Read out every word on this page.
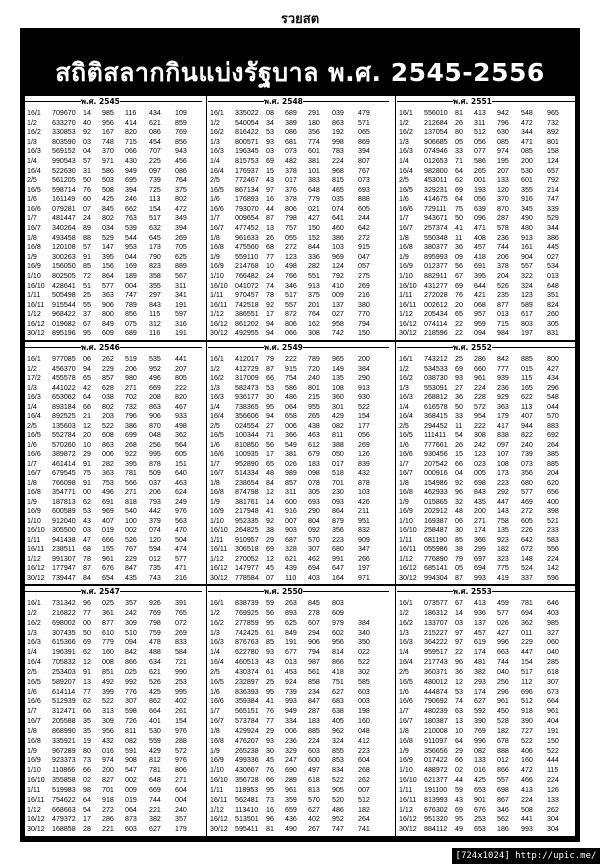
รวยสต
สถิติสลากกินแบ่งรัฐบาล พ.ศ. 2545-2556
พ.ศ. 2545
16/1 709670 14 985 116 434 109
1/2 633270 40 956 414 621 859
16/2 330853 92 167 820 086 769
1/3 803590 03 748 715 454 856
16/3 569152 04 370 066 707 943
1/4 990543 57 971 430 225 456
16/4 522630 31 586 949 097 086
2/5 561205 50 503 695 739 764
16/5 598714 76 508 394 725 375
1/6 161149 60 425 246 113 802
16/6 079281 07 845 662 154 472
1/7 481447 24 802 763 517 349
16/7 340264 89 034 539 632 394
1/8 493458 88 529 544 645 269
16/8 120108 57 147 953 173 705
1/9 300263 91 395 044 790 625
16/9 156050 85 156 169 823 889
1/10 802505 72 864 189 358 567
16/10 428641 51 577 004 355 311
1/11 505498 25 363 747 297 341
16/11 915544 55 906 789 843 191
1/12 968422 37 800 856 115 597
16/12 019682 67 849 075 312 316
30/12 895196 95 609 689 116 191
พ.ศ. 2548
16/1 335022 08 689 291 039 479
1/2 540054 34 389 180 863 571
16/2 816422 53 086 356 192 065
1/3 800571 93 681 774 998 869
16/3 196345 03 073 601 783 394
1/4 815753 69 482 381 224 807
16/4 176937 15 378 101 968 767
2/5 772467 43 017 383 815 073
16/5 867134 97 376 648 465 693
1/6 176893 16 378 779 035 888
16/6 793070 44 806 021 074 605
1/7 009654 87 798 427 641 244
16/7 477452 13 757 150 460 642
1/8 961633 26 055 152 386 272
16/8 475560 68 272 844 103 915
1/9 559110 77 123 336 969 047
16/9 214768 10 498 282 124 057
1/10 766482 24 766 551 792 275
16/10 041072 74 346 913 410 269
1/11 970457 78 517 375 009 216
16/11 742518 92 557 201 137 380
1/12 386551 17 872 764 027 770
16/12 861202 94 806 162 958 794
30/12 492955 94 066 308 742 150
พ.ศ. 2551
16/1 556010 81 413 942 548 965
1/2 212684 26 311 796 472 732
16/2 137054 80 512 630 344 892
1/3 906685 05 056 085 471 801
16/3 074946 33 077 974 085 158
1/4 012653 71 586 195 200 124
16/4 982800 64 265 207 530 657
2/5 453011 62 001 133 601 792
16/5 329231 69 193 120 355 214
1/6 414675 64 056 370 916 747
16/6 729111 75 639 870 345 339
1/7 943671 50 096 287 490 529
16/7 257374 41 471 578 480 344
1/8 550348 11 408 236 913 386
16/8 380377 36 457 744 161 445
1/9 895993 09 418 206 904 027
16/9 012377 56 691 378 557 534
1/10 882911 67 395 204 322 013
16/10 431277 69 644 526 324 648
1/11 272028 76 421 235 123 351
16/11 002612 20 068 877 589 824
1/12 205434 65 957 013 617 260
16/12 074114 22 959 715 803 305
30/12 218596 22 094 984 197 831
พ.ศ. 2546
16/1 977085 06 262 519 535 441
1/2 456370 94 229 206 952 207
17/2 455578 65 857 980 496 805
1/3 441022 42 628 271 669 222
16/3 653062 64 038 702 208 820
1/4 893184 66 802 732 863 467
16/4 892525 21 203 796 906 933
2/5 135603 12 522 386 870 498
16/5 552784 20 608 699 048 362
1/6 570260 10 863 268 256 564
16/6 389872 29 006 922 995 605
1/7 461414 91 282 395 878 151
16/7 679545 75 363 781 509 640
1/8 766098 91 753 566 037 463
16/8 354771 00 496 271 206 624
1/9 187813 62 691 818 793 249
16/9 600589 53 969 540 442 976
1/10 912040 43 407 100 379 563
16/10 305500 03 019 002 074 470
1/11 941438 47 666 526 120 504
16/11 238511 68 155 767 594 474
1/12 991307 78 961 229 012 577
16/12 177947 87 676 847 735 471
30/12 739447 84 654 435 743 216
พ.ศ. 2549
16/1 412017 79 222 789 965 200
1/2 412729 87 915 720 149 384
16/2 317009 66 754 240 135 290
1/3 582473 53 586 801 108 913
16/3 936177 30 486 215 360 930
1/4 738365 95 064 955 301 522
16/4 356606 94 658 265 429 154
2/5 024554 27 006 438 082 177
16/5 100344 71 366 463 811 056
1/6 810850 56 549 612 388 269
16/6 100935 17 381 679 050 126
1/7 952890 65 026 183 017 839
16/7 514334 48 989 098 518 432
1/8 238654 84 857 078 701 878
16/8 874798 12 311 305 230 103
1/9 381761 14 600 693 093 426
16/9 217948 41 916 290 864 211
1/10 952335 92 007 804 879 951
16/10 264825 38 903 092 356 832
1/11 910957 29 687 570 223 909
16/11 306518 69 328 307 680 347
1/12 270052 12 621 462 991 266
16/12 147977 45 439 694 647 197
30/12 778584 07 110 403 164 971
พ.ศ. 2552
16/1 743212 25 286 842 885 800
1/2 534533 69 660 777 015 427
16/2 038730 93 961 939 115 434
1/3 553091 27 224 236 165 296
16/3 268812 36 228 929 622 548
1/4 616578 50 572 363 113 044
16/4 368415 33 954 179 407 570
2/5 294452 11 222 417 944 883
16/5 111411 54 308 838 822 692
1/6 777661 26 242 097 240 264
16/6 930456 15 123 107 739 385
1/7 207542 66 023 108 073 885
16/7 000916 04 005 173 356 204
1/8 154986 92 698 223 680 620
16/8 462933 96 843 292 577 656
1/9 015865 32 435 447 469 400
16/9 202912 48 200 143 272 398
1/10 169387 06 271 758 605 521
16/10 258487 30 174 135 226 233
1/11 681190 85 366 923 642 583
16/11 055986 38 299 182 672 556
1/12 776890 79 697 323 148 224
16/12 685141 05 694 775 524 142
30/12 994304 87 993 419 337 596
พ.ศ. 2547
16/1 731342 96 025 357 926 391
1/2 216822 77 361 242 769 765
16/2 698002 00 877 309 798 072
1/3 307435 50 610 510 759 269
16/3 615366 69 779 094 478 833
1/4 196391 62 160 842 488 584
16/4 705832 12 008 866 634 721
2/5 253403 91 851 025 621 990
16/5 589207 13 492 992 526 253
1/6 614114 77 399 776 425 995
16/6 512939 62 522 307 862 402
1/7 312471 66 313 598 664 261
16/7 205588 35 309 726 401 154
1/8 868990 35 956 811 530 976
16/8 335921 19 432 082 559 288
1/9 967289 80 016 591 429 572
16/9 923373 73 974 908 812 976
1/10 110866 66 200 547 781 806
16/10 355858 02 827 002 648 271
1/11 519983 98 701 009 669 604
16/11 754622 64 918 019 744 004
1/12 668663 54 272 064 221 240
16/12 479372 17 286 873 382 357
30/12 168858 28 221 603 627 179
พ.ศ. 2550
16/1 838739 59 263 845 803
1/2 769925 56 893 278 609
16/2 277859 95 625 607 979 384
1/3 742425 61 849 294 602 340
16/3 876763 85 191 906 956 350
1/4 622780 93 677 794 814 022
16/4 460513 43 013 987 866 522
2/5 430374 61 453 561 418 302
16/5 232897 25 924 858 751 585
1/6 836393 95 739 234 627 603
16/6 359384 41 993 847 683 003
1/7 565151 76 949 287 638 198
16/7 573784 77 334 183 405 160
1/8 429924 29 006 885 962 048
16/8 476207 93 236 224 324 412
1/9 265238 30 329 603 855 223
16/9 499336 45 247 600 853 604
1/10 430667 76 690 497 834 268
16/10 356728 66 289 618 522 262
1/11 118953 95 961 813 905 007
16/11 562481 73 359 570 520 512
1/12 113410 16 659 627 486 182
16/12 513501 96 436 402 952 264
30/12 595411 81 490 267 747 741
พ.ศ. 2553
16/1 073577 67 413 459 781 646
1/2 186312 14 936 577 694 403
16/2 133707 03 137 026 362 985
1/3 215227 97 457 427 011 327
16/3 364222 97 619 996 229 060
1/4 959517 22 174 663 447 040
16/4 217743 96 481 744 154 285
2/5 360371 36 382 040 517 618
16/5 480012 12 293 256 112 307
1/6 444874 53 174 296 696 673
16/6 790692 74 627 961 512 664
1/7 480239 63 592 450 918 961
16/7 180387 13 390 528 390 404
1/8 210008 10 769 182 727 191
16/8 911097 64 996 678 522 150
1/9 356656 29 082 888 406 522
16/9 017422 66 133 012 160 444
1/10 488972 02 016 866 472 115
16/10 621377 44 425 557 466 224
1/11 191100 59 653 698 413 126
16/11 813993 43 901 867 224 133
1/12 676302 69 676 346 508 262
16/12 951320 95 253 562 441 304
30/12 884112 49 653 186 993 304
[724x1024] http://upic.me/
